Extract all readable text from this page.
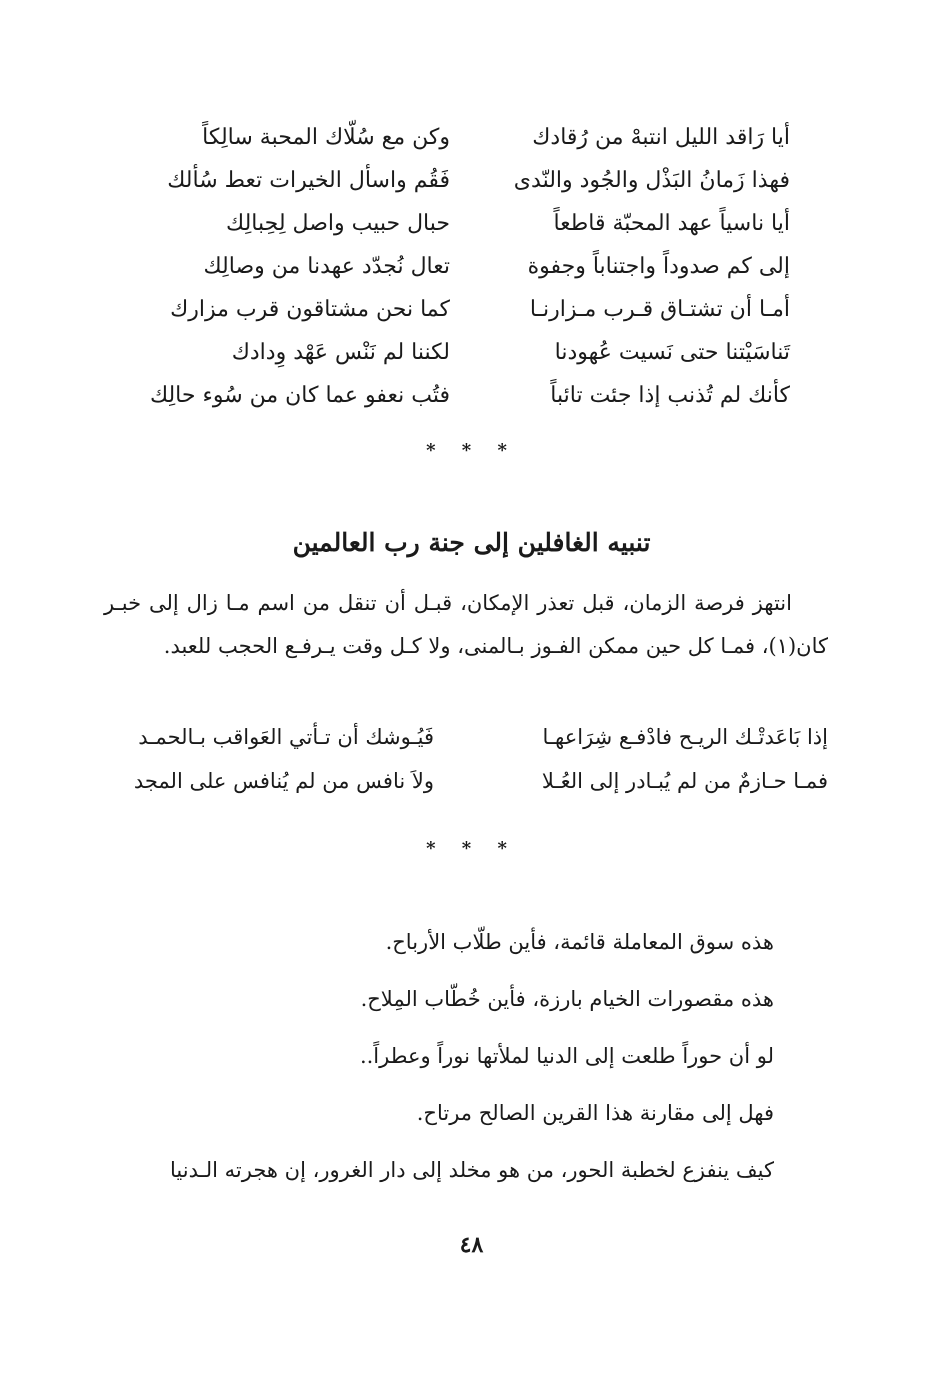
أيا رَاقد الليل انتبهْ من رُقادك
وكن مع سُلّاك المحبة سالِكاً
فهذا زَمانُ البَذْل والجُود والنّدى
فَقُم واسأل الخيرات تعط سُألك
أيا ناسياً عهد المحبّة قاطعاً
حبال حبيب واصل لِحِبالِك
إلى كم صدوداً واجتناباً وجفوة
تعال نُجدّد عهدنا من وصالِك
أمـا أن تشتـاق قـرب مـزارنـا
كما نحن مشتاقون قرب مزارك
تَناسَيْتنا حتى نَسيت عُهودنا
لكننا لم نَنْس عَهْد وِدادك
كأنك لم تُذنب إذا جئت تائباً
فتُب نعفو عما كان من سُوء حالِك
* * *
تنبيه الغافلين إلى جنة رب العالمين
انتهز فرصة الزمان، قبل تعذر الإمكان، قبـل أن تنقل من اسم مـا زال إلى خبـر كان(١)، فمـا كل حين ممكن الفـوز بـالمنى، ولا كـل وقت يـرفـع الحجب للعبد.
إذا بَاعَدتْـك الريـح فادْفـع شِرَاعهـا
فَيُـوشك أن تـأتي العَواقب بـالحمـد
فمـا حـازمٌ من لم يُبـادر إلى العُـلا
ولاَ نافس من لم يُنافس على المجد
* * *
هذه سوق المعاملة قائمة، فأين طلّاب الأرباح.
هذه مقصورات الخيام بارزة، فأين خُطّاب المِلاح.
لو أن حوراً طلعت إلى الدنيا لملأتها نوراً وعطراً..
فهل إلى مقارنة هذا القرين الصالح مرتاح.
كيف ينفزع لخطبة الحور، من هو مخلد إلى دار الغرور، إن هجرته الـدنيا
٤٨
